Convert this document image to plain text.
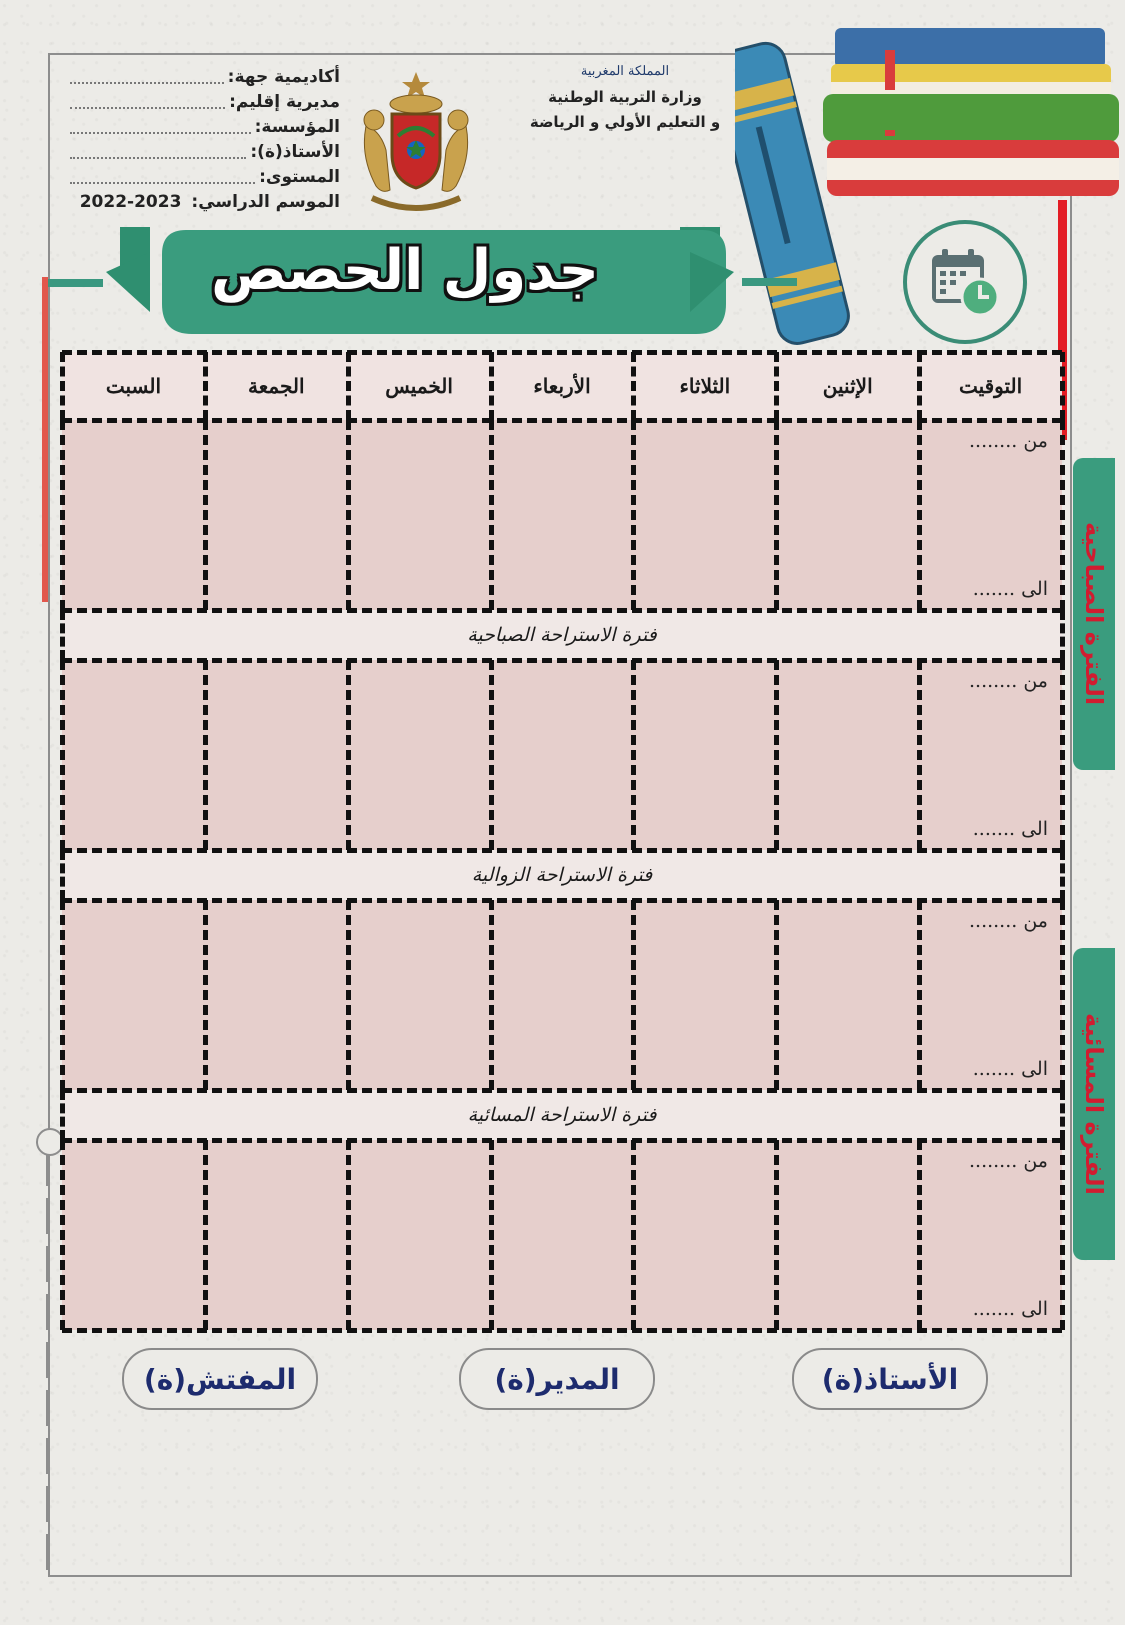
أكاديمية جهة:
مديرية إقليم:
المؤسسة:
الأستاذ(ة):
المستوى:
الموسم الدراسي:
2022-2023
المملكة المغربية
وزارة التربية الوطنية
و التعليم الأولي و الرياضة
جدول الحصص
الفترة الصباحية
الفترة المسائية
التوقيت
الإثنين
الثلاثاء
الأربعاء
الخميس
الجمعة
السبت
من ........
الى .......
فترة الاستراحة الصباحية
من ........
الى .......
فترة الاستراحة الزوالية
من ........
الى .......
فترة الاستراحة المسائية
من ........
الى .......
المفتش(ة)	المدير(ة)	الأستاذ(ة)
